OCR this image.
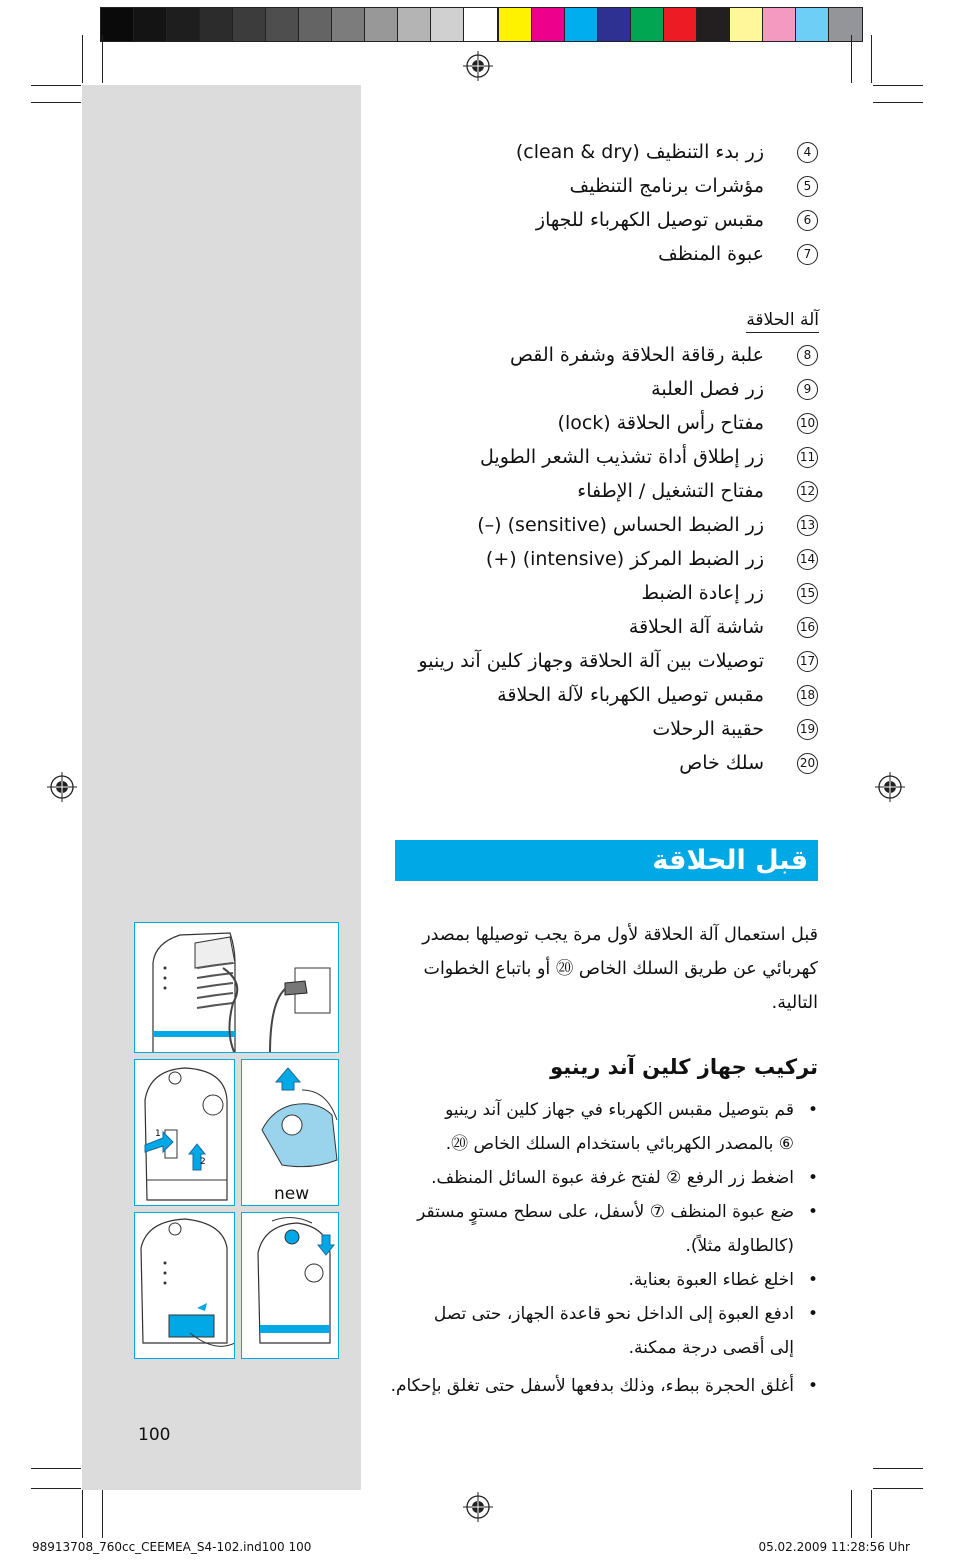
4
زر بدء التنظيف (clean & dry)
5
مؤشرات برنامج التنظيف
6
مقبس توصيل الكهرباء للجهاز
7
عبوة المنظف
آلة الحلاقة
8
علبة رقاقة الحلاقة وشفرة القص
9
زر فصل العلبة
10
مفتاح رأس الحلاقة (lock)
11
زر إطلاق أداة تشذيب الشعر الطويل
12
مفتاح التشغيل / الإطفاء
13
زر الضبط الحساس (sensitive) (–)
14
زر الضبط المركز (intensive) (+)
15
زر إعادة الضبط
16
شاشة آلة الحلاقة
17
توصيلات بين آلة الحلاقة وجهاز كلين آند رينيو
18
مقبس توصيل الكهرباء لآلة الحلاقة
19
حقيبة الرحلات
20
سلك خاص
قبل الحلاقة
قبل استعمال آلة الحلاقة لأول مرة يجب توصيلها بمصدر
كهربائي عن طريق السلك الخاص ⑳ أو باتباع الخطوات
التالية.
تركيب جهاز كلين آند رينيو
•
قم بتوصيل مقبس الكهرباء في جهاز كلين آند رينيو
⑥ بالمصدر الكهربائي باستخدام السلك الخاص ⑳.
•
اضغط زر الرفع ② لفتح غرفة عبوة السائل المنظف.
•
ضع عبوة المنظف ⑦ لأسفل، على سطح مستوٍ مستقر
(كالطاولة مثلاً).
•
اخلع غطاء العبوة بعناية.
•
ادفع العبوة إلى الداخل نحو قاعدة الجهاز، حتى تصل
إلى أقصى درجة ممكنة.
•
أغلق الحجرة ببطء، وذلك بدفعها لأسفل حتى تغلق بإحكام.
1
2
new
100
98913708_760cc_CEEMEA_S4-102.ind100 100	05.02.2009 11:28:56 Uhr
